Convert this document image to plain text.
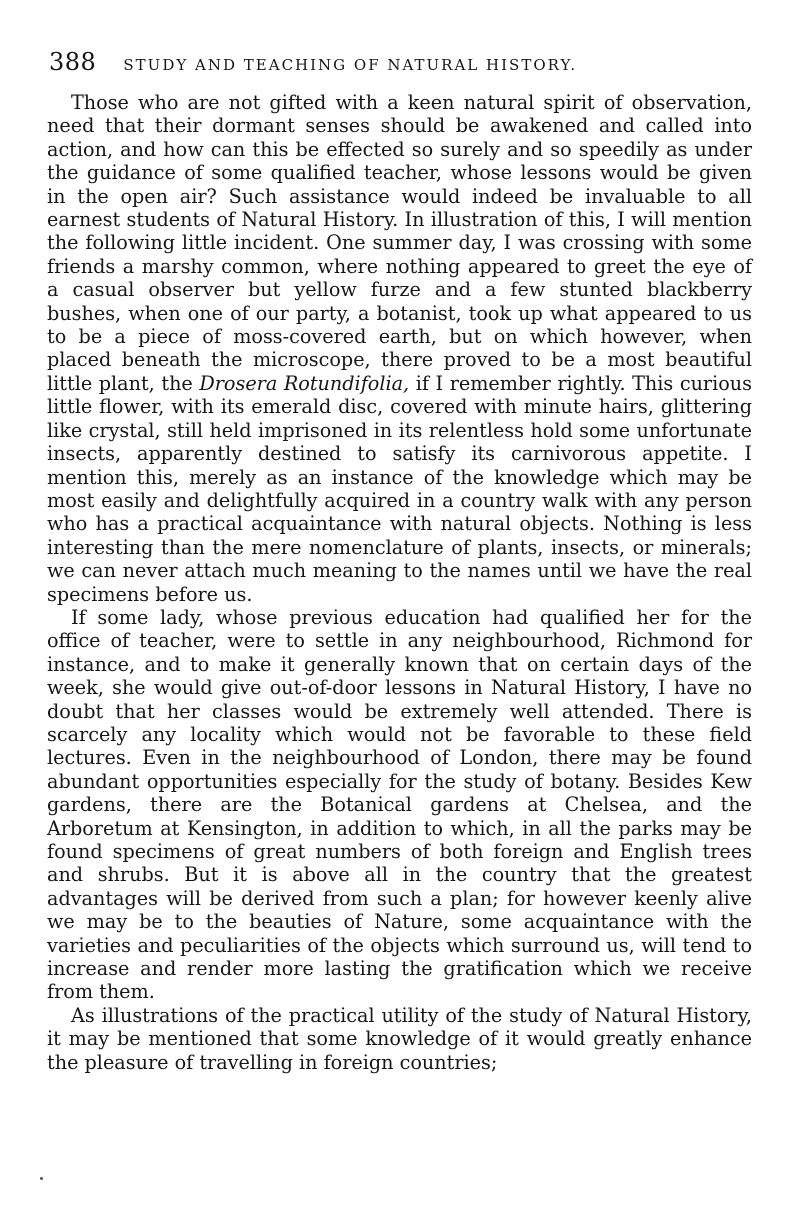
388 STUDY AND TEACHING OF NATURAL HISTORY.

Those who are not gifted with a keen natural spirit of observation, need that their dormant senses should be awakened and called into action, and how can this be effected so surely and so speedily as under the guidance of some qualified teacher, whose lessons would be given in the open air? Such assistance would indeed be invaluable to all earnest students of Natural History. In illustration of this, I will mention the following little incident. One summer day, I was crossing with some friends a marshy common, where nothing appeared to greet the eye of a casual observer but yellow furze and a few stunted blackberry bushes, when one of our party, a botanist, took up what appeared to us to be a piece of moss-covered earth, but on which however, when placed beneath the microscope, there proved to be a most beautiful little plant, the Drosera Rotundifolia, if I remember rightly. This curious little flower, with its emerald disc, covered with minute hairs, glittering like crystal, still held imprisoned in its relentless hold some unfortunate insects, apparently destined to satisfy its carnivorous appetite. I mention this, merely as an instance of the knowledge which may be most easily and delightfully acquired in a country walk with any person who has a practical acquaintance with natural objects. Nothing is less interesting than the mere nomenclature of plants, insects, or minerals; we can never attach much meaning to the names until we have the real specimens before us.

If some lady, whose previous education had qualified her for the office of teacher, were to settle in any neighbourhood, Richmond for instance, and to make it generally known that on certain days of the week, she would give out-of-door lessons in Natural History, I have no doubt that her classes would be extremely well attended. There is scarcely any locality which would not be favorable to these field lectures. Even in the neighbourhood of London, there may be found abundant opportunities especially for the study of botany. Besides Kew gardens, there are the Botanical gardens at Chelsea, and the Arboretum at Kensington, in addition to which, in all the parks may be found specimens of great numbers of both foreign and English trees and shrubs. But it is above all in the country that the greatest advantages will be derived from such a plan; for however keenly alive we may be to the beauties of Nature, some acquaintance with the varieties and peculiarities of the objects which surround us, will tend to increase and render more lasting the gratification which we receive from them.

As illustrations of the practical utility of the study of Natural History, it may be mentioned that some knowledge of it would greatly enhance the pleasure of travelling in foreign countries;
